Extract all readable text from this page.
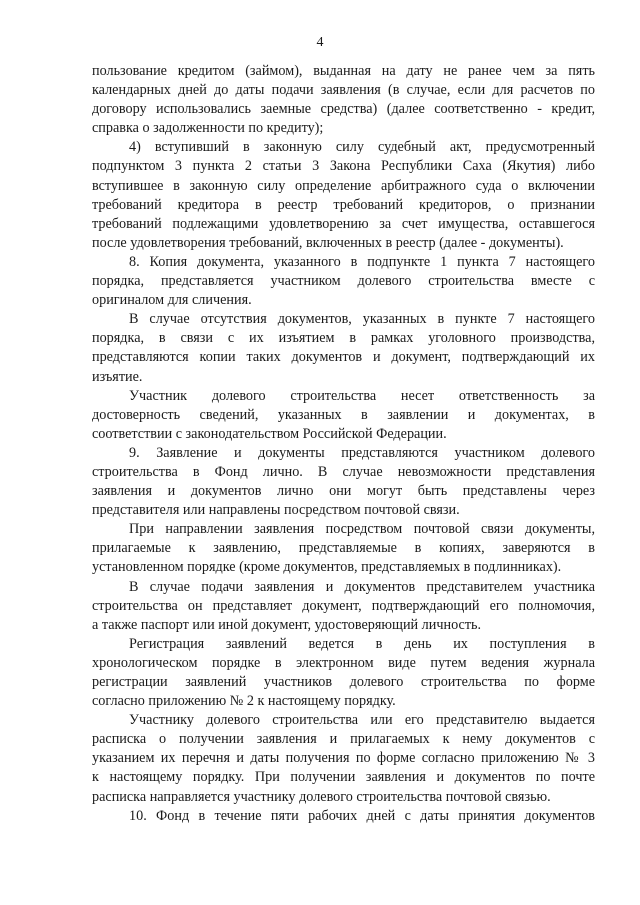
4
пользование кредитом (займом), выданная на дату не ранее чем за пять
календарных дней до даты подачи заявления (в случае, если для расчетов по
договору использовались заемные средства) (далее соответственно - кредит,
справка о задолженности по кредиту);
4) вступивший в законную силу судебный акт, предусмотренный
подпунктом 3 пункта 2 статьи 3 Закона Республики Саха (Якутия) либо
вступившее в законную силу определение арбитражного суда о включении
требований кредитора в реестр требований кредиторов, о признании
требований подлежащими удовлетворению за счет имущества, оставшегося
после удовлетворения требований, включенных в реестр (далее - документы).
8. Копия документа, указанного в подпункте 1 пункта 7 настоящего
порядка, представляется участником долевого строительства вместе с
оригиналом для сличения.
В случае отсутствия документов, указанных в пункте 7 настоящего
порядка, в связи с их изъятием в рамках уголовного производства,
представляются копии таких документов и документ, подтверждающий их
изъятие.
Участник долевого строительства несет ответственность за
достоверность сведений, указанных в заявлении и документах, в
соответствии с законодательством Российской Федерации.
9. Заявление и документы представляются участником долевого
строительства в Фонд лично. В случае невозможности представления
заявления и документов лично они могут быть представлены через
представителя или направлены посредством почтовой связи.
При направлении заявления посредством почтовой связи документы,
прилагаемые к заявлению, представляемые в копиях, заверяются в
установленном порядке (кроме документов, представляемых в подлинниках).
В случае подачи заявления и документов представителем участника
строительства он представляет документ, подтверждающий его полномочия,
а также паспорт или иной документ, удостоверяющий личность.
Регистрация заявлений ведется в день их поступления в
хронологическом порядке в электронном виде путем ведения журнала
регистрации заявлений участников долевого строительства по форме
согласно приложению № 2 к настоящему порядку.
Участнику долевого строительства или его представителю выдается
расписка о получении заявления и прилагаемых к нему документов с
указанием их перечня и даты получения по форме согласно приложению № 3
к настоящему порядку. При получении заявления и документов по почте
расписка направляется участнику долевого строительства почтовой связью.
10. Фонд в течение пяти рабочих дней с даты принятия документов
